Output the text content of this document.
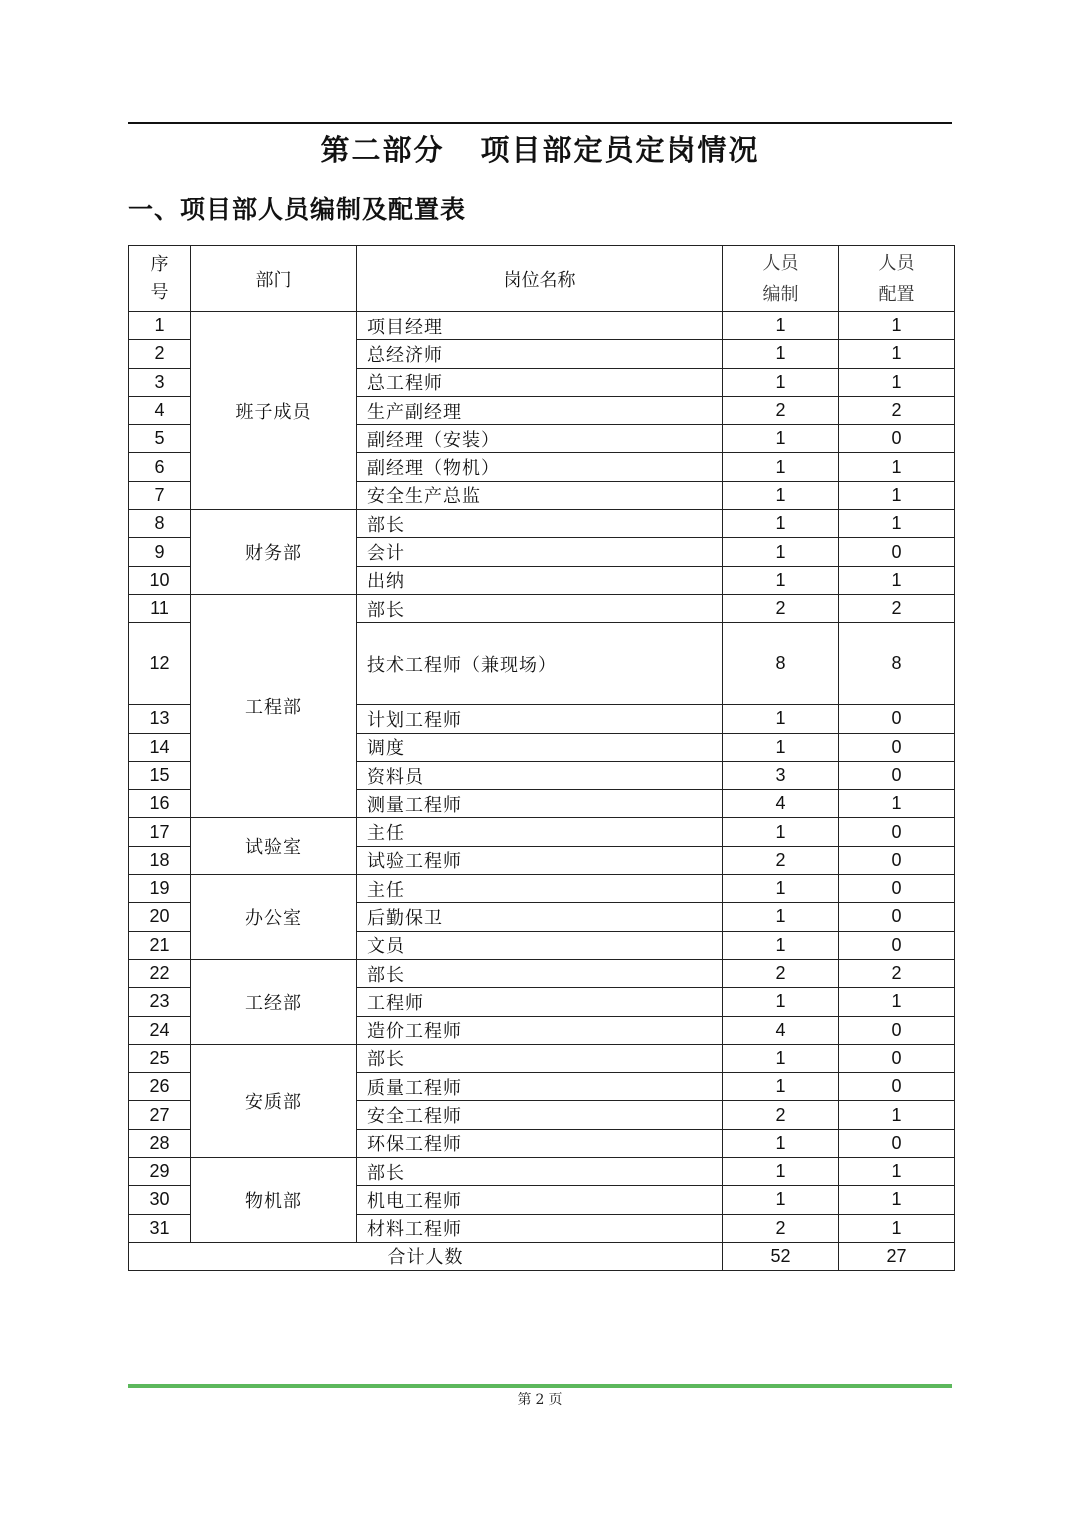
第二部分 项目部定员定岗情况
一、项目部人员编制及配置表
序号	部门	岗位名称	人员编制	人员配置

1	班子成员	项目经理	1	1
2		总经济师	1	1
3		总工程师	1	1
4		生产副经理	2	2
5		副经理（安装）	1	0
6		副经理（物机）	1	1
7		安全生产总监	1	1
8	财务部	部长	1	1
9		会计	1	0
10		出纳	1	1
11	工程部	部长	2	2
12		技术工程师（兼现场）	8	8
13		计划工程师	1	0
14		调度	1	0
15		资料员	3	0
16		测量工程师	4	1
17	试验室	主任	1	0
18		试验工程师	2	0
19	办公室	主任	1	0
20		后勤保卫	1	0
21		文员	1	0
22	工经部	部长	2	2
23		工程师	1	1
24		造价工程师	4	0
25	安质部	部长	1	0
26		质量工程师	1	0
27		安全工程师	2	1
28		环保工程师	1	0
29	物机部	部长	1	1
30		机电工程师	1	1
31		材料工程师	2	1
合计人数			52	27
第 2 页
